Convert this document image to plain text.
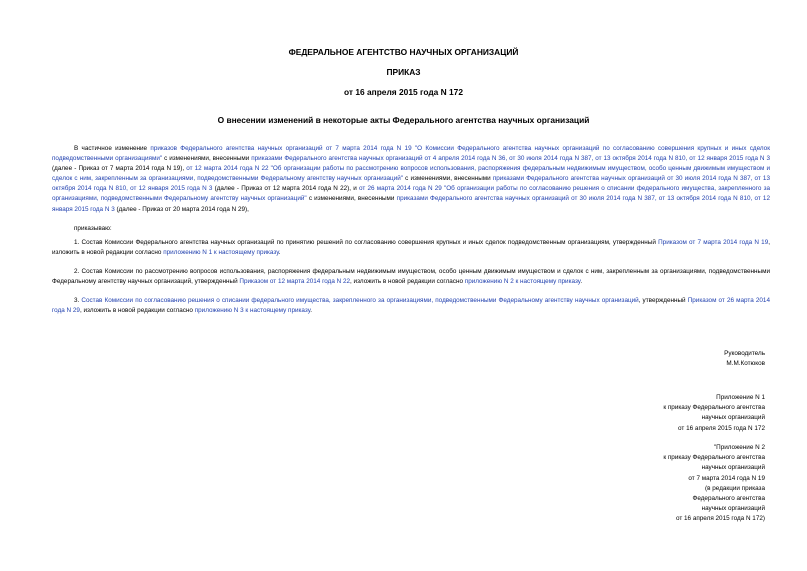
ФЕДЕРАЛЬНОЕ АГЕНТСТВО НАУЧНЫХ ОРГАНИЗАЦИЙ
ПРИКАЗ
от 16 апреля 2015 года N 172
О внесении изменений в некоторые акты Федерального агентства научных организаций

В частичное изменение приказов Федерального агентства научных организаций от 7 марта 2014 года N 19 "О Комиссии Федерального агентства научных организаций по согласованию совершения крупных и иных сделок подведомственными организациями" с изменениями, внесенными приказами Федерального агентства научных организаций от 4 апреля 2014 года N 36, от 30 июля 2014 года N 387, от 13 октября 2014 года N 810, от 12 января 2015 года N 3 (далее - Приказ от 7 марта 2014 года N 19), от 12 марта 2014 года N 22 "Об организации работы по рассмотрению вопросов использования, распоряжения федеральным недвижимым имуществом, особо ценным движимым имуществом и сделок с ним, закрепленным за организациями, подведомственными Федеральному агентству научных организаций" с изменениями, внесенными приказами Федерального агентства научных организаций от 30 июля 2014 года N 387, от 13 октября 2014 года N 810, от 12 января 2015 года N 3 (далее - Приказ от 12 марта 2014 года N 22), и от 26 марта 2014 года N 29 "Об организации работы по согласованию решения о списании федерального имущества, закрепленного за организациями, подведомственными Федеральному агентству научных организаций" с изменениями, внесенными приказами Федерального агентства научных организаций от 30 июля 2014 года N 387, от 13 октября 2014 года N 810, от 12 января 2015 года N 3 (далее - Приказ от 20 марта 2014 года N 29),

приказываю:

1. Состав Комиссии Федерального агентства научных организаций по принятию решений по согласованию совершения крупных и иных сделок подведомственным организациям, утвержденный Приказом от 7 марта 2014 года N 19, изложить в новой редакции согласно приложению N 1 к настоящему приказу.

2. Состав Комиссии по рассмотрению вопросов использования, распоряжения федеральным недвижимым имуществом, особо ценным движимым имуществом и сделок с ним, закрепленным за организациями, подведомственными Федеральному агентству научных организаций, утвержденный Приказом от 12 марта 2014 года N 22, изложить в новой редакции согласно приложению N 2 к настоящему приказу.

3. Состав Комиссии по согласованию решения о списании федерального имущества, закрепленного за организациями, подведомственными Федеральному агентству научных организаций, утвержденный Приказом от 26 марта 2014 года N 29, изложить в новой редакции согласно приложению N 3 к настоящему приказу.

Руководитель
М.М.Котюков
Приложение N 1
к приказу Федерального агентства
научных организаций
от 16 апреля 2015 года N 172
"Приложение N 2
к приказу Федерального агентства
научных организаций
от 7 марта 2014 года N 19
(в редакции приказа
Федерального агентства
научных организаций
от 16 апреля 2015 года N 172)
